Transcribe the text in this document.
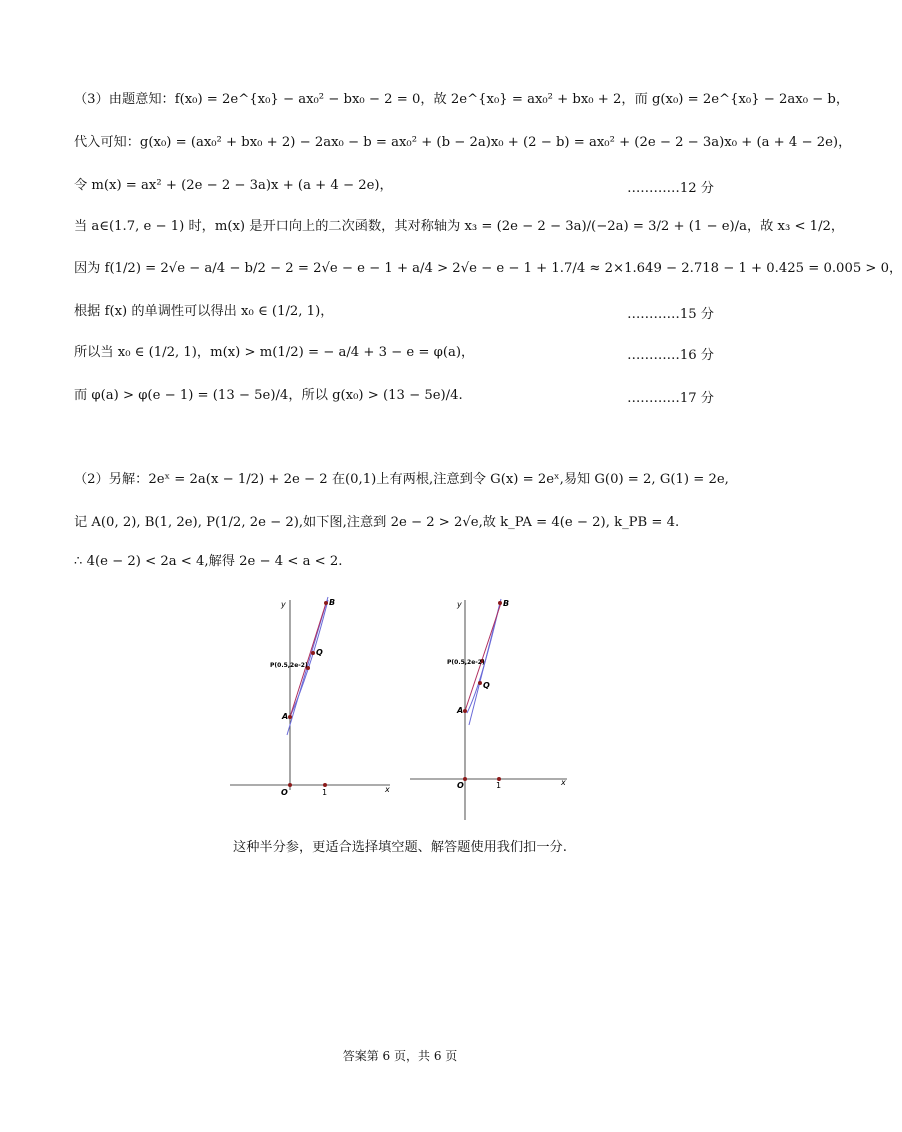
（3）由题意知：f(x₀) = 2e^{x₀} − ax₀² − bx₀ − 2 = 0，故 2e^{x₀} = ax₀² + bx₀ + 2，而 g(x₀) = 2e^{x₀} − 2ax₀ − b，
代入可知：g(x₀) = (ax₀² + bx₀ + 2) − 2ax₀ − b = ax₀² + (b − 2a)x₀ + (2 − b) = ax₀² + (2e − 2 − 3a)x₀ + (a + 4 − 2e)，
令 m(x) = ax² + (2e − 2 − 3a)x + (a + 4 − 2e)，	…………12 分
当 a∈(1.7, e − 1) 时，m(x) 是开口向上的二次函数，其对称轴为 x₃ = (2e − 2 − 3a)/(−2a) = 3/2 + (1 − e)/a，故 x₃ < 1/2，
因为 f(1/2) = 2√e − a/4 − b/2 − 2 = 2√e − e − 1 + a/4 > 2√e − e − 1 + 1.7/4 ≈ 2×1.649 − 2.718 − 1 + 0.425 = 0.005 > 0，
根据 f(x) 的单调性可以得出 x₀ ∈ (1/2, 1)，	…………15 分
所以当 x₀ ∈ (1/2, 1)，m(x) > m(1/2) = − a/4 + 3 − e = φ(a)，	…………16 分
而 φ(a) > φ(e − 1) = (13 − 5e)/4，所以 g(x₀) > (13 − 5e)/4.	…………17 分
（2）另解：2eˣ = 2a(x − 1/2) + 2e − 2 在(0,1)上有两根,注意到令 G(x) = 2eˣ,易知 G(0) = 2, G(1) = 2e,
记 A(0, 2), B(1, 2e), P(1/2, 2e − 2),如下图,注意到 2e − 2 > 2√e,故 k_PA = 4(e − 2), k_PB = 4.
∴ 4(e − 2) < 2a < 4,解得 2e − 4 < a < 2.
y	B
Q
P(0.5,2e-2)
A
O	1	x
y	B
P(0.5,2e-2)
Q
A
O	1	x
这种半分参，更适合选择填空题、解答题使用我们扣一分.
答案第 6 页，共 6 页
